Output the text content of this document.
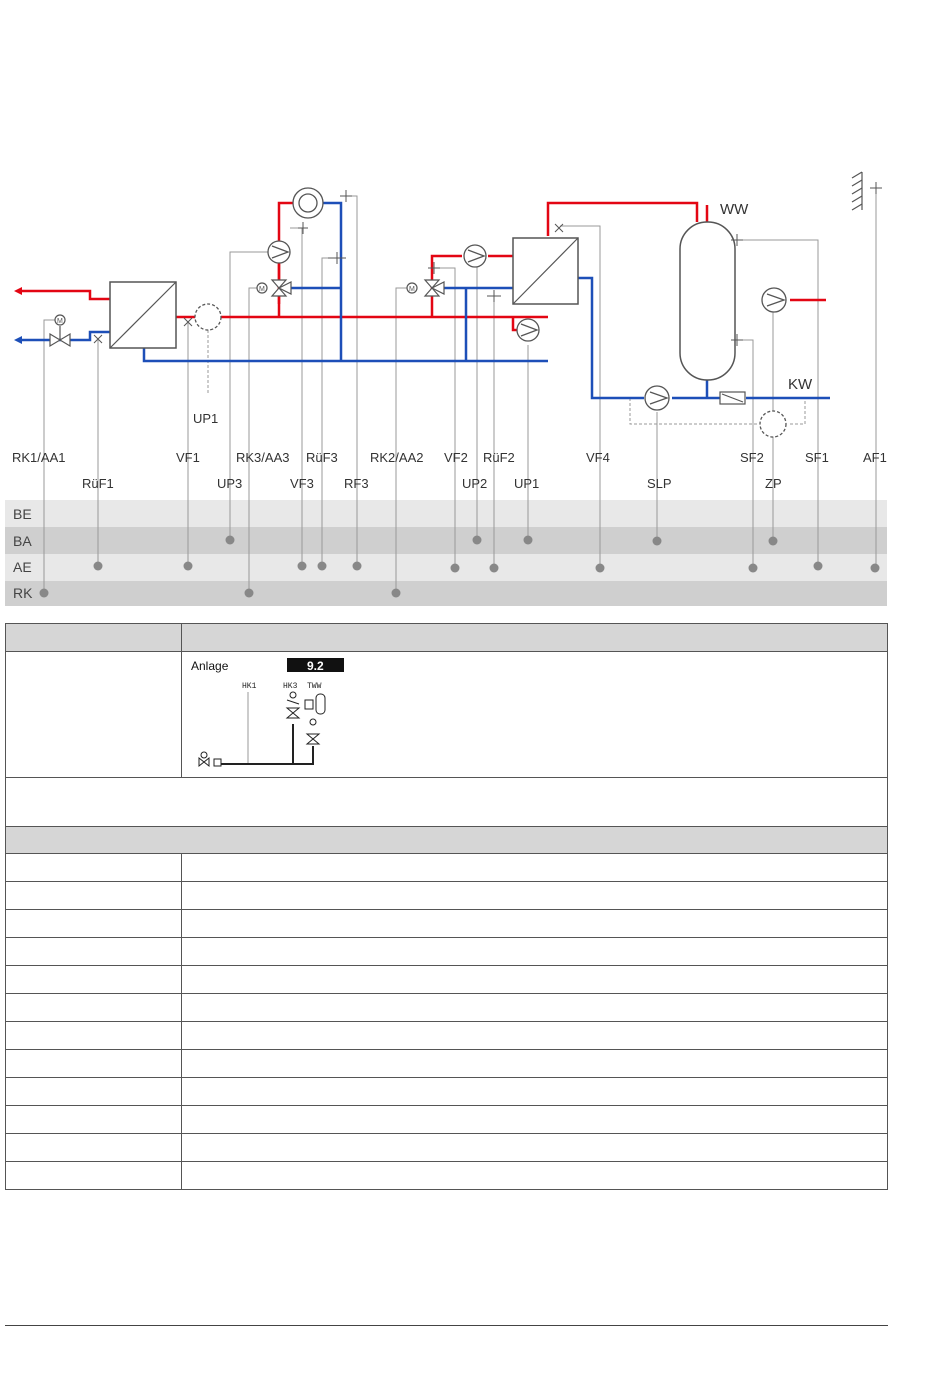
BE
BA
AE
RK
M
M	M
RK1/AA1
RüF1
VF1
UP1
UP3
RK3/AA3
VF3
RüF3
RF3
RK2/AA2 VF2
UP2
RüF2
UP1
VF4
SLP
SF2
ZP
SF1	AF1
WW
KW

Anlage 9.2
HK1 HK3 TWW
